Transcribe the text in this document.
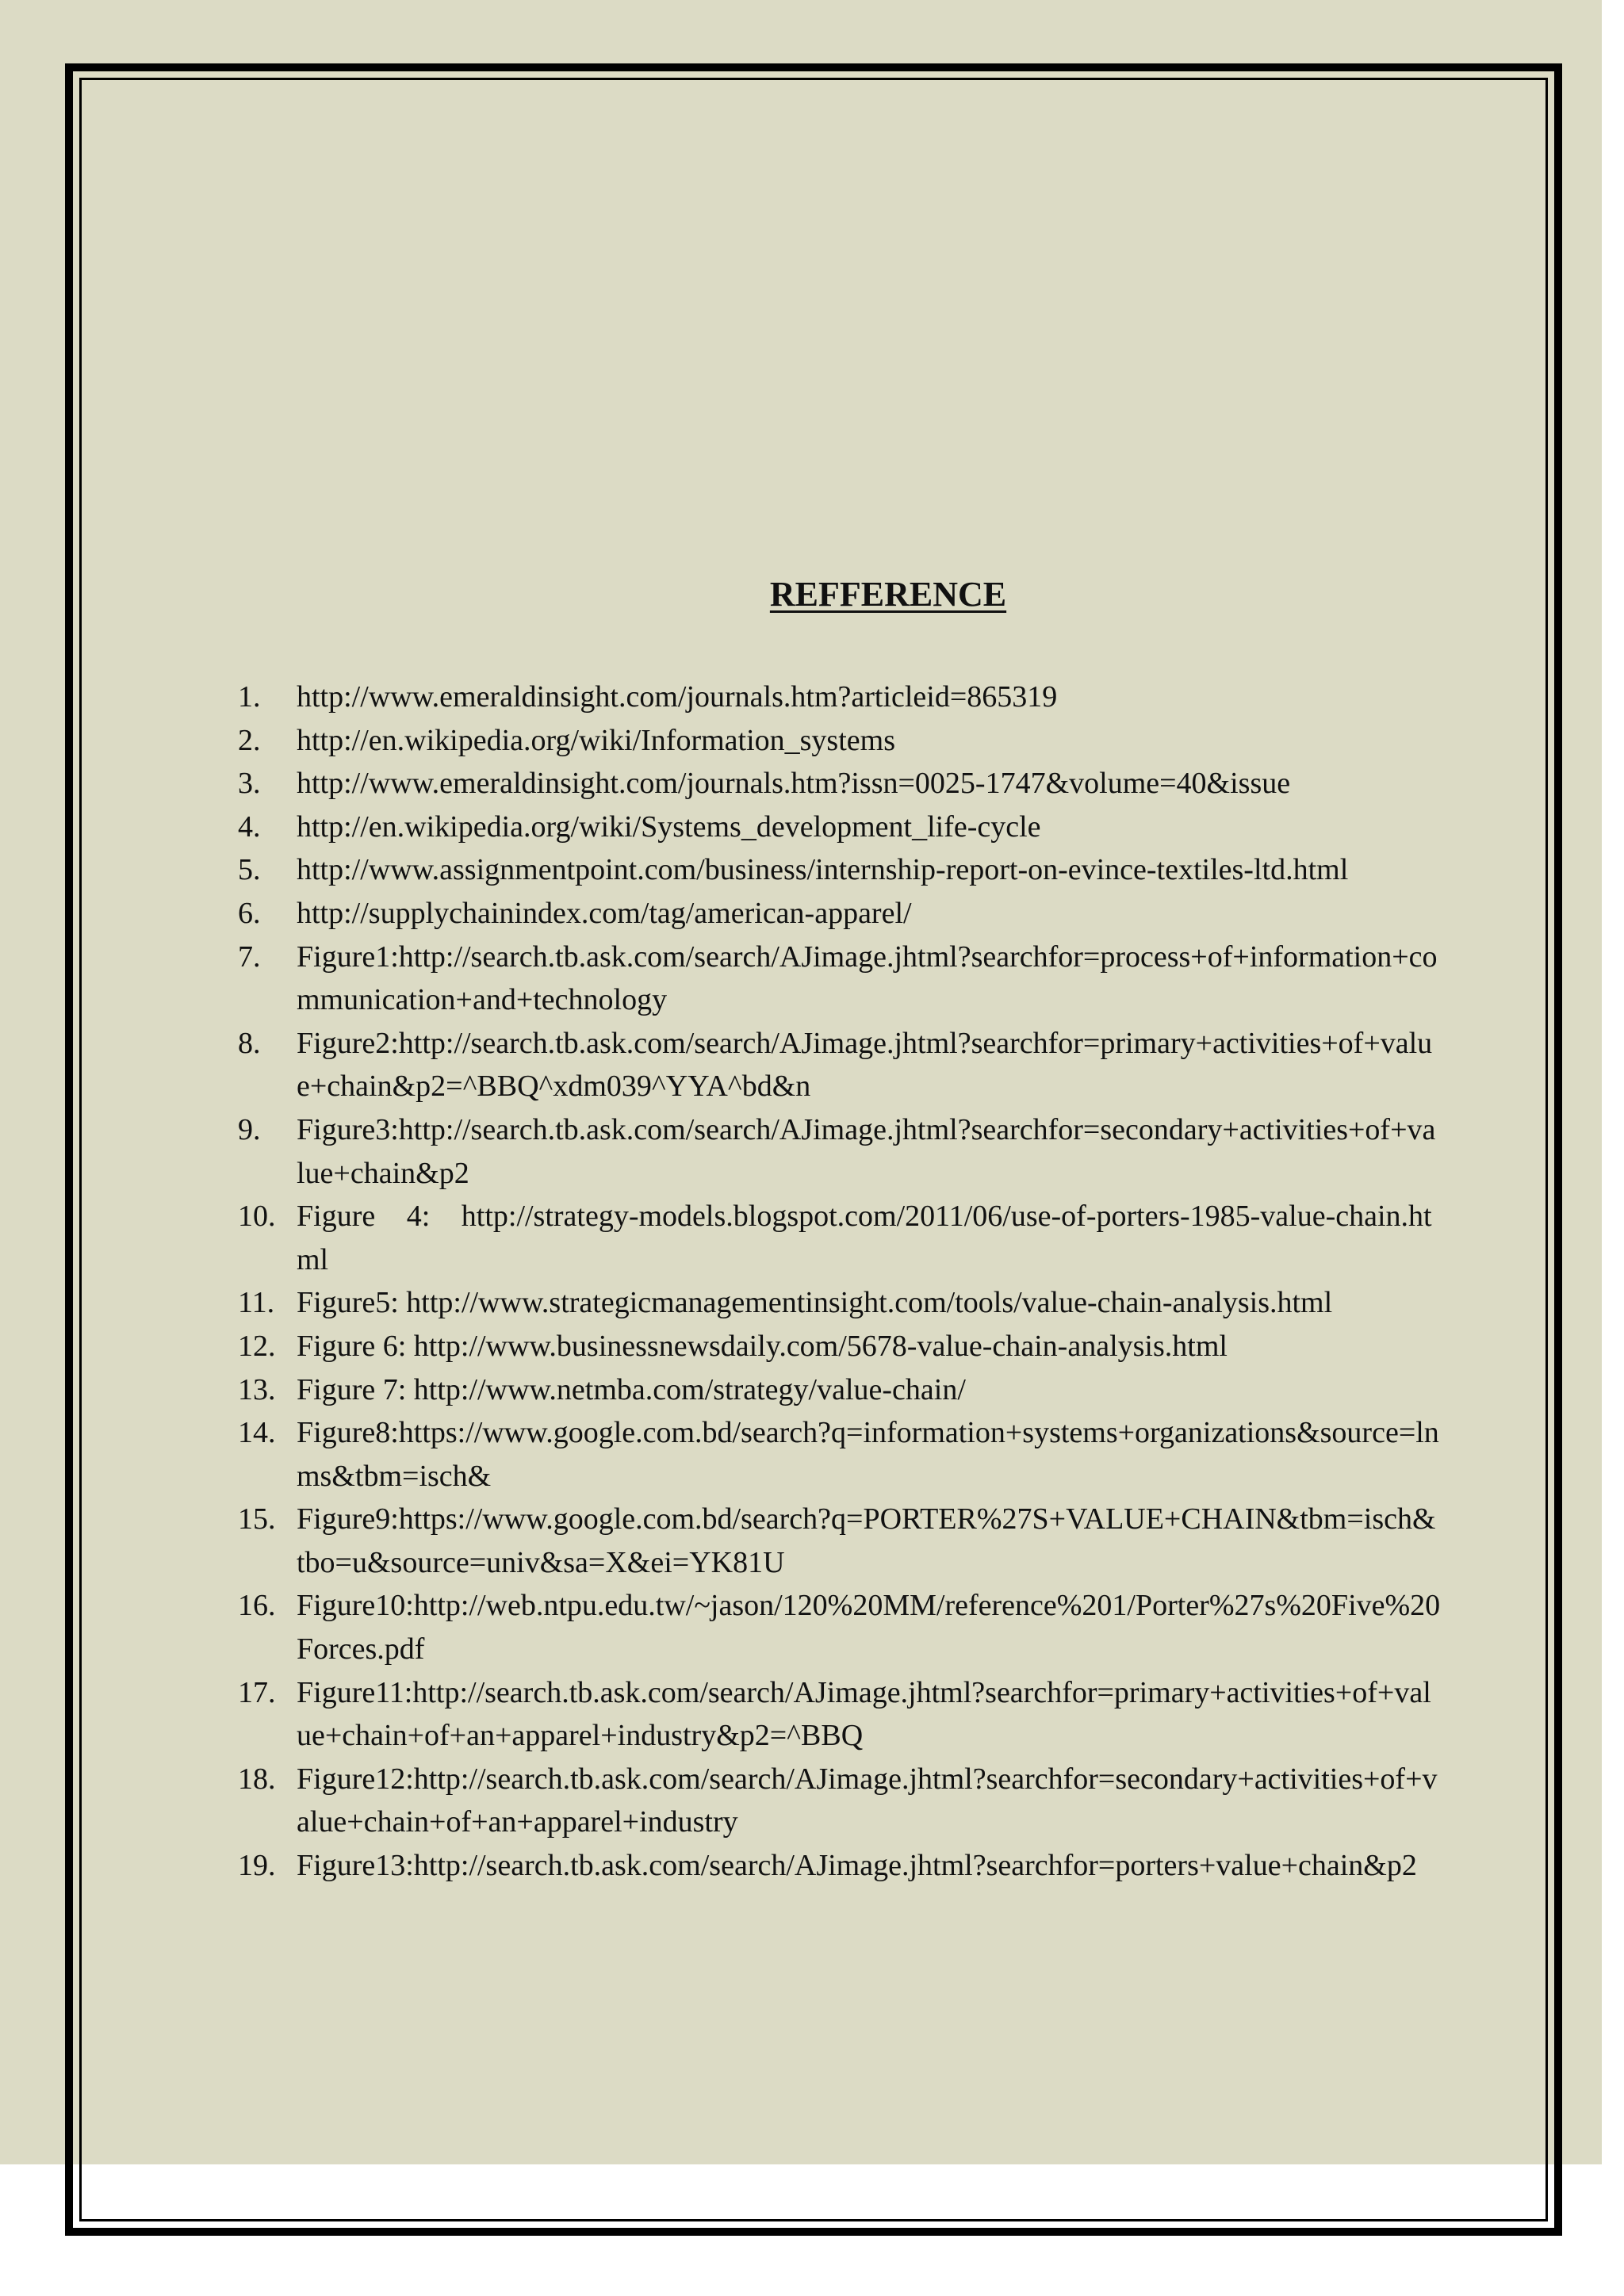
REFFERENCE
1. http://www.emeraldinsight.com/journals.htm?articleid=865319
2. http://en.wikipedia.org/wiki/Information_systems
3. http://www.emeraldinsight.com/journals.htm?issn=0025-1747&volume=40&issue
4. http://en.wikipedia.org/wiki/Systems_development_life-cycle
5. http://www.assignmentpoint.com/business/internship-report-on-evince-textiles-ltd.html
6. http://supplychainindex.com/tag/american-apparel/
7. Figure1:http://search.tb.ask.com/search/AJimage.jhtml?searchfor=process+of+information+communication+and+technology
8. Figure2:http://search.tb.ask.com/search/AJimage.jhtml?searchfor=primary+activities+of+value+chain&p2=^BBQ^xdm039^YYA^bd&n
9. Figure3:http://search.tb.ask.com/search/AJimage.jhtml?searchfor=secondary+activities+of+value+chain&p2
10. Figure 4: http://strategy-models.blogspot.com/2011/06/use-of-porters-1985-value-chain.html
11. Figure5: http://www.strategicmanagementinsight.com/tools/value-chain-analysis.html
12. Figure 6: http://www.businessnewsdaily.com/5678-value-chain-analysis.html
13. Figure 7: http://www.netmba.com/strategy/value-chain/
14. Figure8:https://www.google.com.bd/search?q=information+systems+organizations&source=lnms&tbm=isch&
15. Figure9:https://www.google.com.bd/search?q=PORTER%27S+VALUE+CHAIN&tbm=isch&tbo=u&source=univ&sa=X&ei=YK81U
16. Figure10:http://web.ntpu.edu.tw/~jason/120%20MM/reference%201/Porter%27s%20Five%20Forces.pdf
17. Figure11:http://search.tb.ask.com/search/AJimage.jhtml?searchfor=primary+activities+of+value+chain+of+an+apparel+industry&p2=^BBQ
18. Figure12:http://search.tb.ask.com/search/AJimage.jhtml?searchfor=secondary+activities+of+value+chain+of+an+apparel+industry
19. Figure13:http://search.tb.ask.com/search/AJimage.jhtml?searchfor=porters+value+chain&p2
